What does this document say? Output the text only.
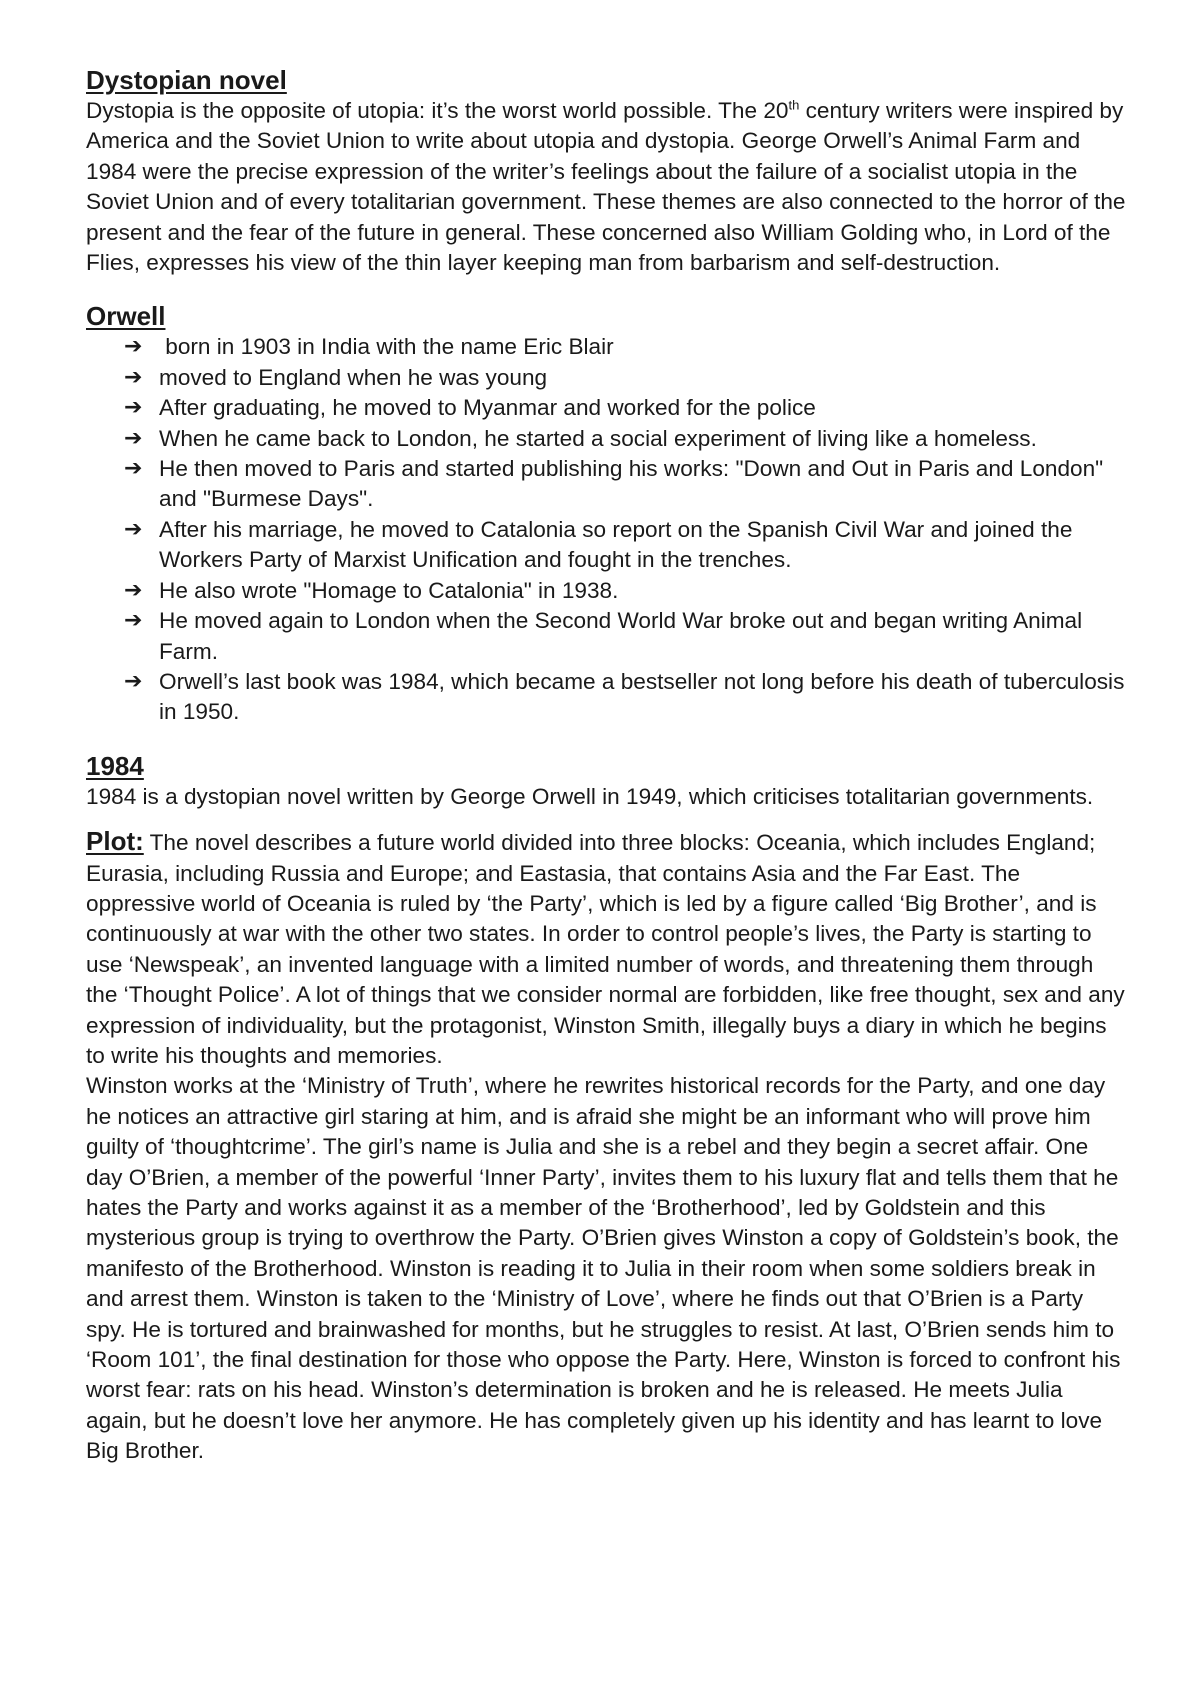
Dystopian novel

Dystopia is the opposite of utopia: it’s the worst world possible. The 20th century writers were inspired by America and the Soviet Union to write about utopia and dystopia. George Orwell’s Animal Farm and 1984 were the precise expression of the writer’s feelings about the failure of a socialist utopia in the Soviet Union and of every totalitarian government. These themes are also connected to the horror of the present and the fear of the future in general. These concerned also William Golding who, in Lord of the Flies, expresses his view of the thin layer keeping man from barbarism and self-destruction.

Orwell
➔ born in 1903 in India with the name Eric Blair
➔ moved to England when he was young
➔ After graduating, he moved to Myanmar and worked for the police
➔ When he came back to London, he started a social experiment of living like a homeless.
➔ He then moved to Paris and started publishing his works: "Down and Out in Paris and London" and "Burmese Days".
➔ After his marriage, he moved to Catalonia so report on the Spanish Civil War and joined the Workers Party of Marxist Unification and fought in the trenches.
➔ He also wrote "Homage to Catalonia" in 1938.
➔ He moved again to London when the Second World War broke out and began writing Animal Farm.
➔ Orwell’s last book was 1984, which became a bestseller not long before his death of tuberculosis in 1950.
1984

1984 is a dystopian novel written by George Orwell in 1949, which criticises totalitarian governments.

Plot: The novel describes a future world divided into three blocks: Oceania, which includes England; Eurasia, including Russia and Europe; and Eastasia, that contains Asia and the Far East. The oppressive world of Oceania is ruled by ‘the Party’, which is led by a figure called ‘Big Brother’, and is continuously at war with the other two states. In order to control people’s lives, the Party is starting to use ‘Newspeak’, an invented language with a limited number of words, and threatening them through the ‘Thought Police’. A lot of things that we consider normal are forbidden, like free thought, sex and any expression of individuality, but the protagonist, Winston Smith, illegally buys a diary in which he begins to write his thoughts and memories.

Winston works at the ‘Ministry of Truth’, where he rewrites historical records for the Party, and one day he notices an attractive girl staring at him, and is afraid she might be an informant who will prove him guilty of ‘thoughtcrime’. The girl’s name is Julia and she is a rebel and they begin a secret affair. One day O’Brien, a member of the powerful ‘Inner Party’, invites them to his luxury flat and tells them that he hates the Party and works against it as a member of the ‘Brotherhood’, led by Goldstein and this mysterious group is trying to overthrow the Party. O’Brien gives Winston a copy of Goldstein’s book, the manifesto of the Brotherhood. Winston is reading it to Julia in their room when some soldiers break in and arrest them. Winston is taken to the ‘Ministry of Love’, where he finds out that O’Brien is a Party spy. He is tortured and brainwashed for months, but he struggles to resist. At last, O’Brien sends him to ‘Room 101’, the final destination for those who oppose the Party. Here, Winston is forced to confront his worst fear: rats on his head. Winston’s determination is broken and he is released. He meets Julia again, but he doesn’t love her anymore. He has completely given up his identity and has learnt to love Big Brother.
